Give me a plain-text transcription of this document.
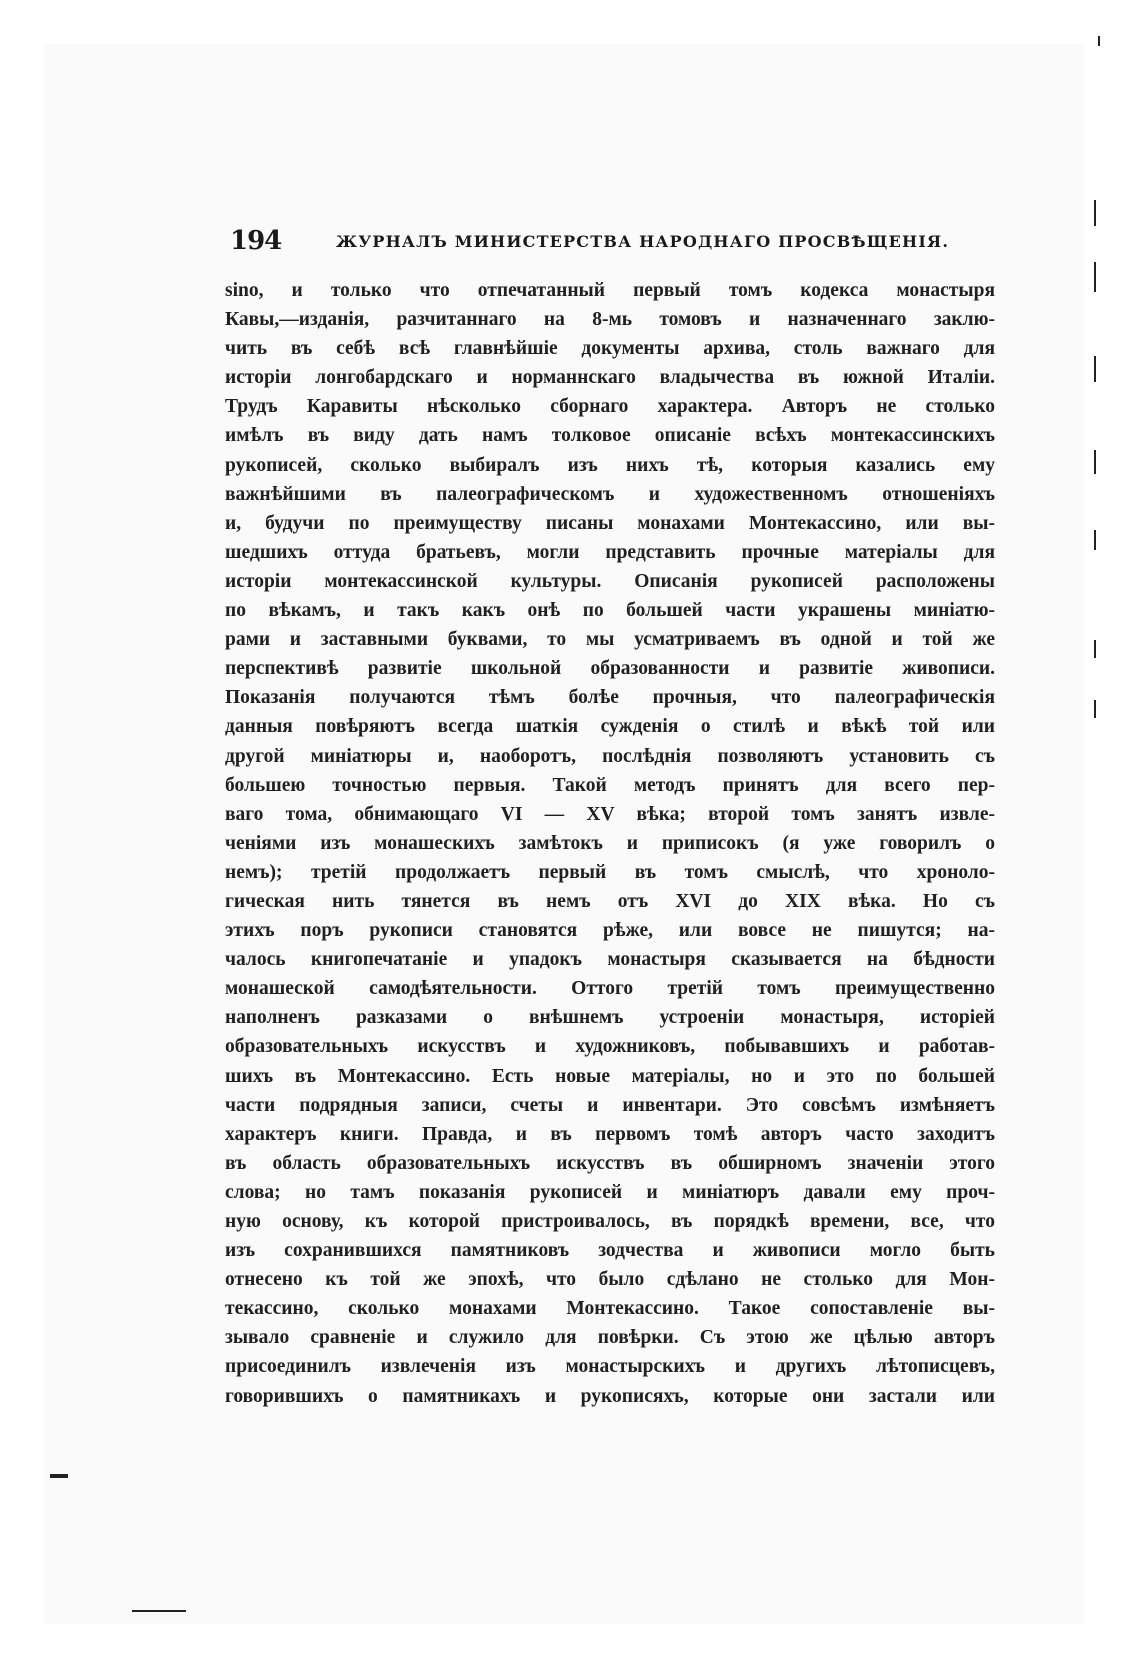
194	ЖУРНАЛЪ МИНИСТЕРСТВА НАРОДНАГО ПРОСВѢЩЕНІЯ.
sino, и только что отпечатанный первый томъ кодекса монастыря
Кавы,—изданія, разчитаннаго на 8-мь томовъ и назначеннаго заклю-
чить въ себѣ всѣ главнѣйшіе документы архива, столь важнаго для
исторіи лонгобардскаго и норманнскаго владычества въ южной Италіи.
Трудъ Каравиты нѣсколько сборнаго характера. Авторъ не столько
имѣлъ въ виду дать намъ толковое описаніе всѣхъ монтекассинскихъ
рукописей, сколько выбиралъ изъ нихъ тѣ, которыя казались ему
важнѣйшими въ палеографическомъ и художественномъ отношеніяхъ
и, будучи по преимуществу писаны монахами Монтекассино, или вы-
шедшихъ оттуда братьевъ, могли представить прочные матеріалы для
исторіи монтекассинской культуры. Описанія рукописей расположены
по вѣкамъ, и такъ какъ онѣ по большей части украшены миніатю-
рами и заставными буквами, то мы усматриваемъ въ одной и той же
перспективѣ развитіе школьной образованности и развитіе живописи.
Показанія получаются тѣмъ болѣе прочныя, что палеографическія
данныя повѣряютъ всегда шаткія сужденія о стилѣ и вѣкѣ той или
другой миніатюры и, наоборотъ, послѣднія позволяютъ установить съ
большею точностью первыя. Такой методъ принятъ для всего пер-
ваго тома, обнимающаго VI — XV вѣка; второй томъ занятъ извле-
ченіями изъ монашескихъ замѣтокъ и приписокъ (я уже говорилъ о
немъ); третій продолжаетъ первый въ томъ смыслѣ, что хроноло-
гическая нить тянется въ немъ отъ XVI до XIX вѣка. Но съ
этихъ поръ рукописи становятся рѣже, или вовсе не пишутся; на-
чалось книгопечатаніе и упадокъ монастыря сказывается на бѣдности
монашеской самодѣятельности. Оттого третій томъ преимущественно
наполненъ разказами о внѣшнемъ устроеніи монастыря, исторіей
образовательныхъ искусствъ и художниковъ, побывавшихъ и работав-
шихъ въ Монтекассино. Есть новые матеріалы, но и это по большей
части подрядныя записи, счеты и инвентари. Это совсѣмъ измѣняетъ
характеръ книги. Правда, и въ первомъ томѣ авторъ часто заходитъ
въ область образовательныхъ искусствъ въ обширномъ значеніи этого
слова; но тамъ показанія рукописей и миніатюръ давали ему проч-
ную основу, къ которой пристроивалось, въ порядкѣ времени, все, что
изъ сохранившихся памятниковъ зодчества и живописи могло быть
отнесено къ той же эпохѣ, что было сдѣлано не столько для Мон-
текассино, сколько монахами Монтекассино. Такое сопоставленіе вы-
зывало сравненіе и служило для повѣрки. Съ этою же цѣлью авторъ
присоединилъ извлеченія изъ монастырскихъ и другихъ лѣтописцевъ,
говорившихъ о памятникахъ и рукописяхъ, которые они застали или
